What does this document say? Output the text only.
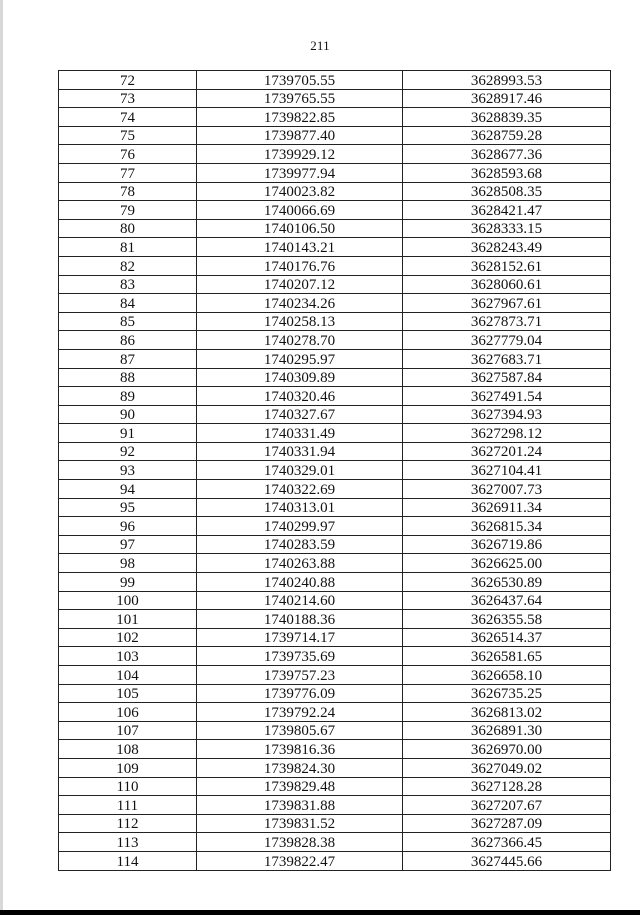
211
72	1739705.55	3628993.53
73	1739765.55	3628917.46
74	1739822.85	3628839.35
75	1739877.40	3628759.28
76	1739929.12	3628677.36
77	1739977.94	3628593.68
78	1740023.82	3628508.35
79	1740066.69	3628421.47
80	1740106.50	3628333.15
81	1740143.21	3628243.49
82	1740176.76	3628152.61
83	1740207.12	3628060.61
84	1740234.26	3627967.61
85	1740258.13	3627873.71
86	1740278.70	3627779.04
87	1740295.97	3627683.71
88	1740309.89	3627587.84
89	1740320.46	3627491.54
90	1740327.67	3627394.93
91	1740331.49	3627298.12
92	1740331.94	3627201.24
93	1740329.01	3627104.41
94	1740322.69	3627007.73
95	1740313.01	3626911.34
96	1740299.97	3626815.34
97	1740283.59	3626719.86
98	1740263.88	3626625.00
99	1740240.88	3626530.89
100	1740214.60	3626437.64
101	1740188.36	3626355.58
102	1739714.17	3626514.37
103	1739735.69	3626581.65
104	1739757.23	3626658.10
105	1739776.09	3626735.25
106	1739792.24	3626813.02
107	1739805.67	3626891.30
108	1739816.36	3626970.00
109	1739824.30	3627049.02
110	1739829.48	3627128.28
111	1739831.88	3627207.67
112	1739831.52	3627287.09
113	1739828.38	3627366.45
114	1739822.47	3627445.66
